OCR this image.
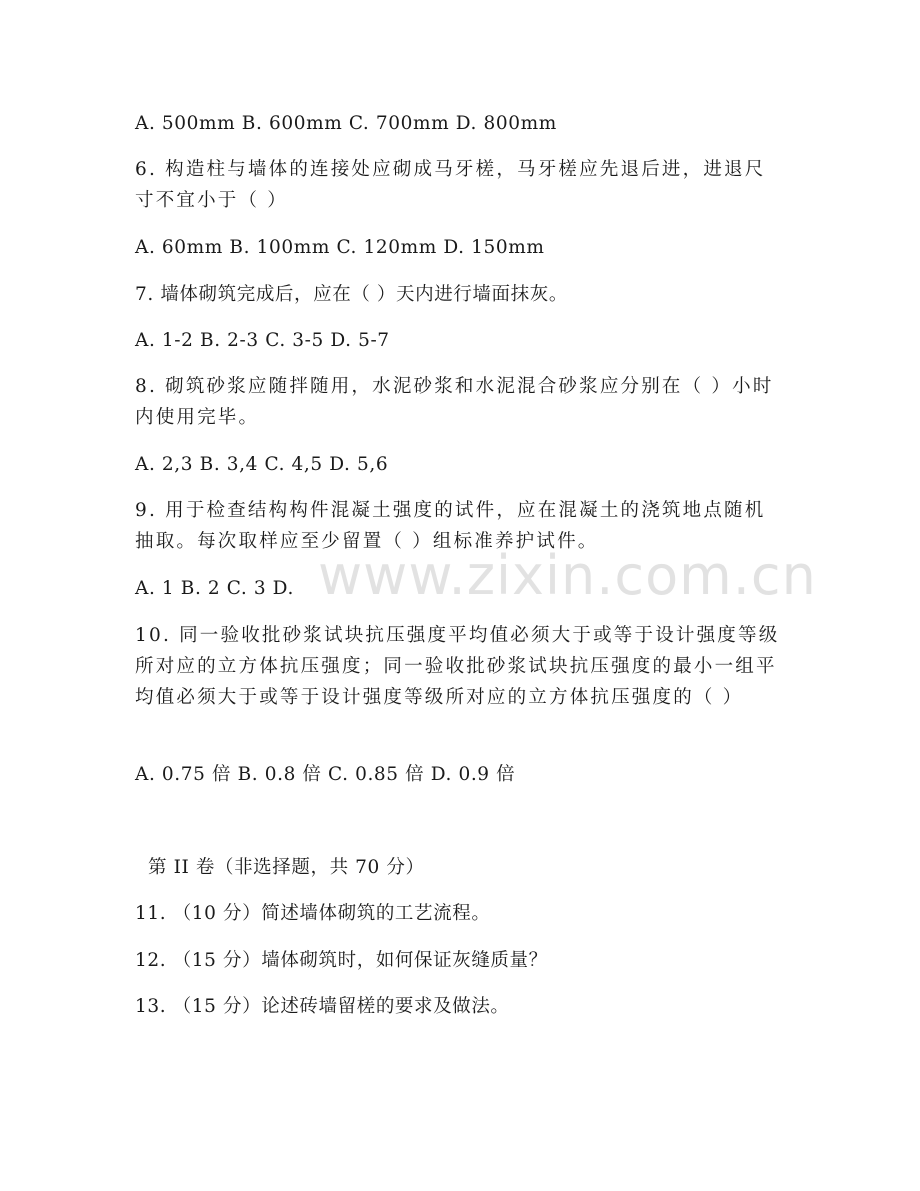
A. 500mm B. 600mm C. 700mm D. 800mm
6. 构造柱与墙体的连接处应砌成马牙槎，马牙槎应先退后进，进退尺寸不宜小于（ ）
A. 60mm B. 100mm C. 120mm D. 150mm
7. 墙体砌筑完成后，应在（ ）天内进行墙面抹灰。
A. 1-2 B. 2-3 C. 3-5 D. 5-7
8. 砌筑砂浆应随拌随用，水泥砂浆和水泥混合砂浆应分别在（ ）小时内使用完毕。
A. 2,3 B. 3,4 C. 4,5 D. 5,6
9. 用于检查结构构件混凝土强度的试件，应在混凝土的浇筑地点随机抽取。每次取样应至少留置（ ）组标准养护试件。
A. 1 B. 2 C. 3 D.
10. 同一验收批砂浆试块抗压强度平均值必须大于或等于设计强度等级所对应的立方体抗压强度；同一验收批砂浆试块抗压强度的最小一组平均值必须大于或等于设计强度等级所对应的立方体抗压强度的（ ）
A. 0.75 倍 B. 0.8 倍 C. 0.85 倍 D. 0.9 倍
第 II 卷（非选择题，共 70 分）
11. （10 分）简述墙体砌筑的工艺流程。
12. （15 分）墙体砌筑时，如何保证灰缝质量？
13. （15 分）论述砖墙留槎的要求及做法。
www.zixin.com.cn
